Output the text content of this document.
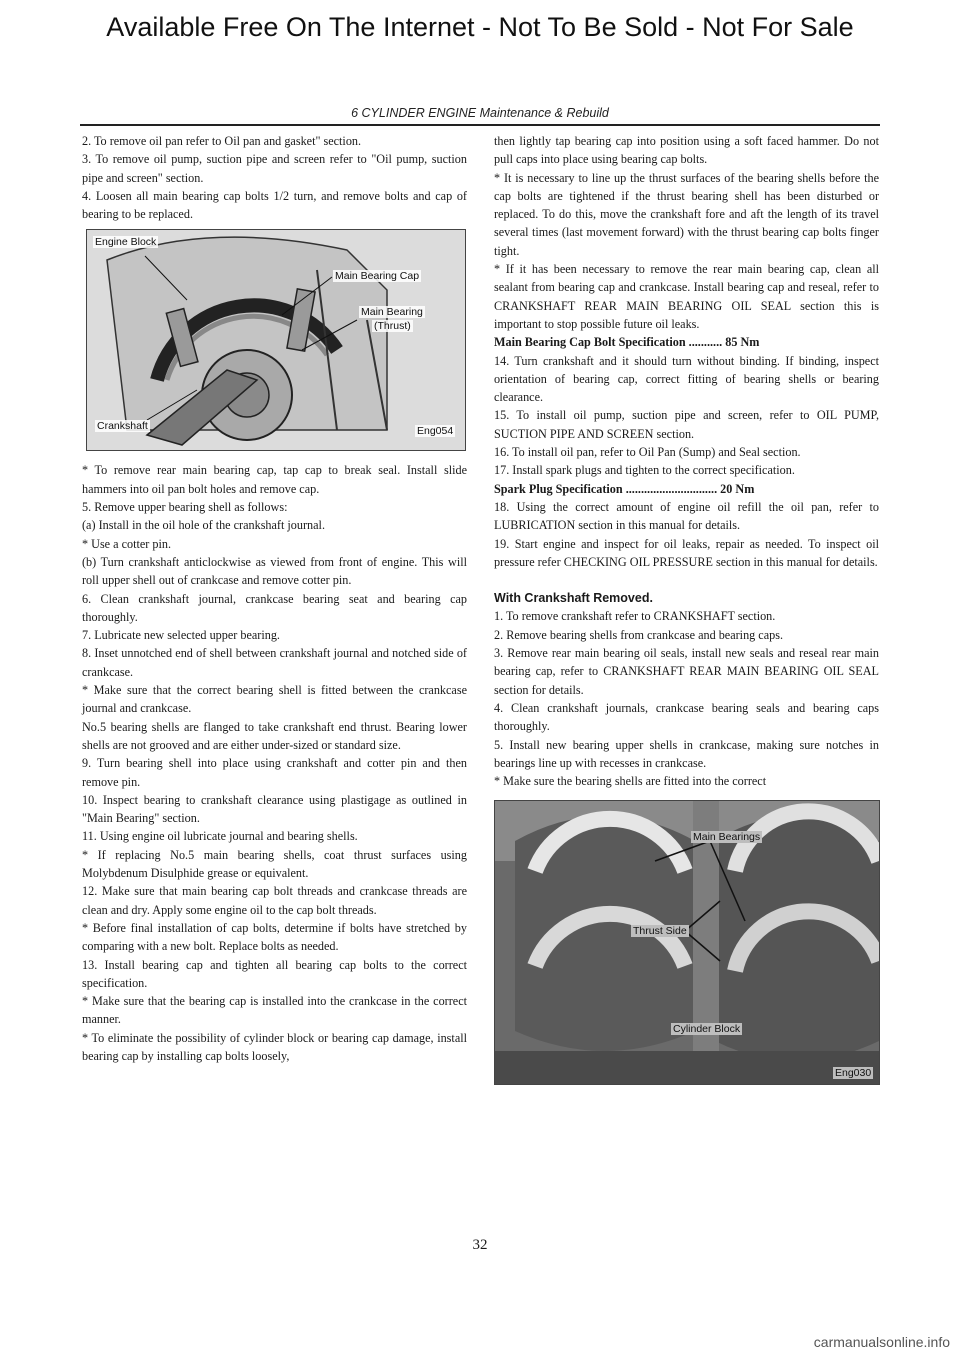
Available Free On The Internet - Not To Be Sold - Not For Sale
6 CYLINDER ENGINE Maintenance & Rebuild

2. To remove oil pan refer to Oil pan and gasket" section.

3. To remove oil pump, suction pipe and screen refer to "Oil pump, suction pipe and screen" section.

4. Loosen all main bearing cap bolts 1/2 turn, and remove bolts and cap of bearing to be replaced.

Engine Block
Main Bearing Cap
Main Bearing
(Thrust)
Crankshaft	Eng054

* To remove rear main bearing cap, tap cap to break seal. Install slide hammers into oil pan bolt holes and remove cap.

5. Remove upper bearing shell as follows:

(a) Install in the oil hole of the crankshaft journal.

* Use a cotter pin.

(b) Turn crankshaft anticlockwise as viewed from front of engine. This will roll upper shell out of crankcase and remove cotter pin.

6. Clean crankshaft journal, crankcase bearing seat and bearing cap thoroughly.

7. Lubricate new selected upper bearing.

8. Inset unnotched end of shell between crankshaft journal and notched side of crankcase.

* Make sure that the correct bearing shell is fitted between the crankcase journal and crankcase.

No.5 bearing shells are flanged to take crankshaft end thrust. Bearing lower shells are not grooved and are either under-sized or standard size.

9. Turn bearing shell into place using crankshaft and cotter pin and then remove pin.

10. Inspect bearing to crankshaft clearance using plastigage as outlined in "Main Bearing" section.

11. Using engine oil lubricate journal and bearing shells.

* If replacing No.5 main bearing shells, coat thrust surfaces using Molybdenum Disulphide grease or equivalent.

12. Make sure that main bearing cap bolt threads and crankcase threads are clean and dry. Apply some engine oil to the cap bolt threads.

* Before final installation of cap bolts, determine if bolts have stretched by comparing with a new bolt. Replace bolts as needed.

13. Install bearing cap and tighten all bearing cap bolts to the correct specification.

* Make sure that the bearing cap is installed into the crankcase in the correct manner.

* To eliminate the possibility of cylinder block or bearing cap damage, install bearing cap by installing cap bolts loosely,

then lightly tap bearing cap into position using a soft faced hammer. Do not pull caps into place using bearing cap bolts.

* It is necessary to line up the thrust surfaces of the bearing shells before the cap bolts are tightened if the thrust bearing shell has been disturbed or replaced. To do this, move the crankshaft fore and aft the length of its travel several times (last movement forward) with the thrust bearing cap bolts finger tight.

* If it has been necessary to remove the rear main bearing cap, clean all sealant from bearing cap and crankcase. Install bearing cap and reseal, refer to CRANKSHAFT REAR MAIN BEARING OIL SEAL section this is important to stop possible future oil leaks.

Main Bearing Cap Bolt Specification ........... 85 Nm

14. Turn crankshaft and it should turn without binding. If binding, inspect orientation of bearing cap, correct fitting of bearing shells or bearing clearance.

15. To install oil pump, suction pipe and screen, refer to OIL PUMP, SUCTION PIPE AND SCREEN section.

16. To install oil pan, refer to Oil Pan (Sump) and Seal section.

17. Install spark plugs and tighten to the correct specification.

Spark Plug Specification .............................. 20 Nm

18. Using the correct amount of engine oil refill the oil pan, refer to LUBRICATION section in this manual for details.

19. Start engine and inspect for oil leaks, repair as needed. To inspect oil pressure refer CHECKING OIL PRESSURE section in this manual for details.

With Crankshaft Removed.

1. To remove crankshaft refer to CRANKSHAFT section.

2. Remove bearing shells from crankcase and bearing caps.

3. Remove rear main bearing oil seals, install new seals and reseal rear main bearing cap, refer to CRANKSHAFT REAR MAIN BEARING OIL SEAL section for details.

4. Clean crankshaft journals, crankcase bearing seals and bearing caps thoroughly.

5. Install new bearing upper shells in crankcase, making sure notches in bearings line up with recesses in crankcase.

* Make sure the bearing shells are fitted into the correct

Main Bearings
Thrust Side
Cylinder Block
Eng030
32
carmanualsonline.info
